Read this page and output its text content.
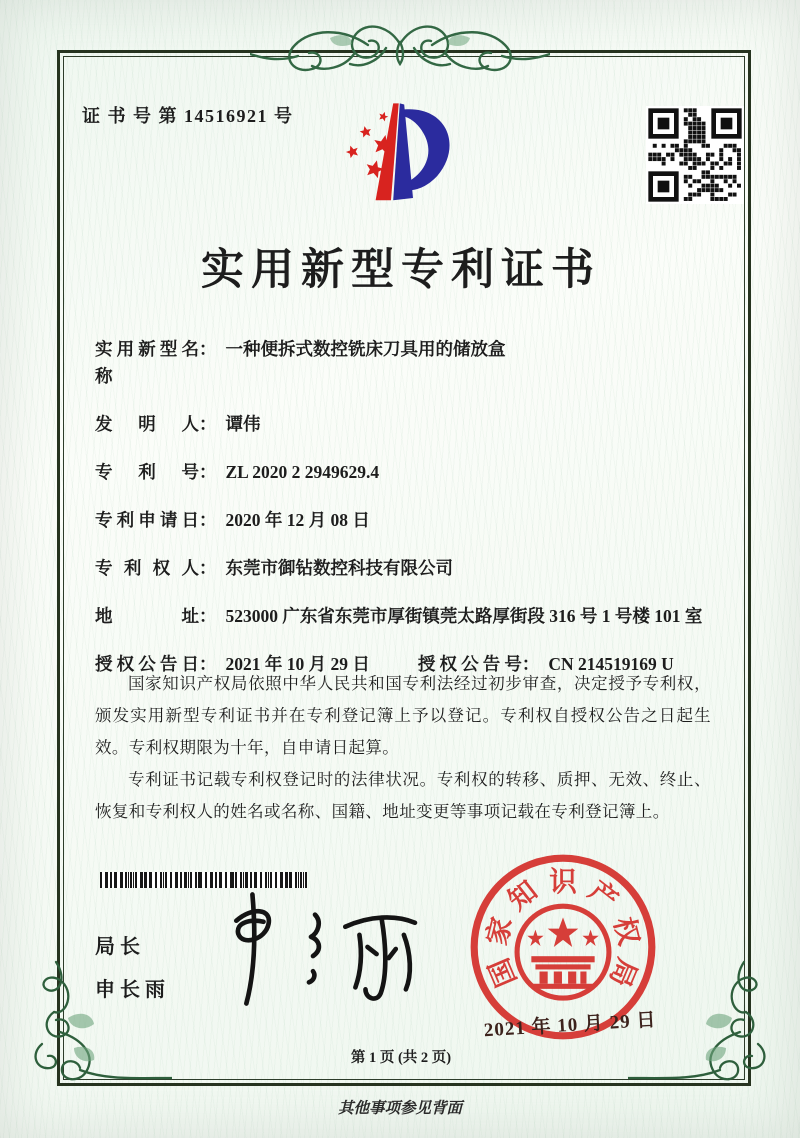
证 书 号 第 14516921 号
实用新型专利证书
实用新型名称
： 一种便拆式数控铣床刀具用的储放盒
发明人 ： 谭伟
专利号 ： ZL 2020 2 2949629.4
专利申请日 ： 2020 年 12 月 08 日
专利权人 ： 东莞市御钻数控科技有限公司
地址 ： 523000 广东省东莞市厚街镇莞太路厚街段 316 号 1 号楼 101 室
授权公告日 ： 2021 年 10 月 29 日	授权公告号 ： CN 214519169 U

国家知识产权局依照中华人民共和国专利法经过初步审查，决定授予专利权，颁发实用新型专利证书并在专利登记簿上予以登记。专利权自授权公告之日起生效。专利权期限为十年，自申请日起算。

专利证书记载专利权登记时的法律状况。专利权的转移、质押、无效、终止、恢复和专利权人的姓名或名称、国籍、地址变更等事项记载在专利登记簿上。

局长
申长雨	国
家
知 识 产
权
局
2021 年 10 月 29 日
第 1 页 (共 2 页)
其他事项参见背面
